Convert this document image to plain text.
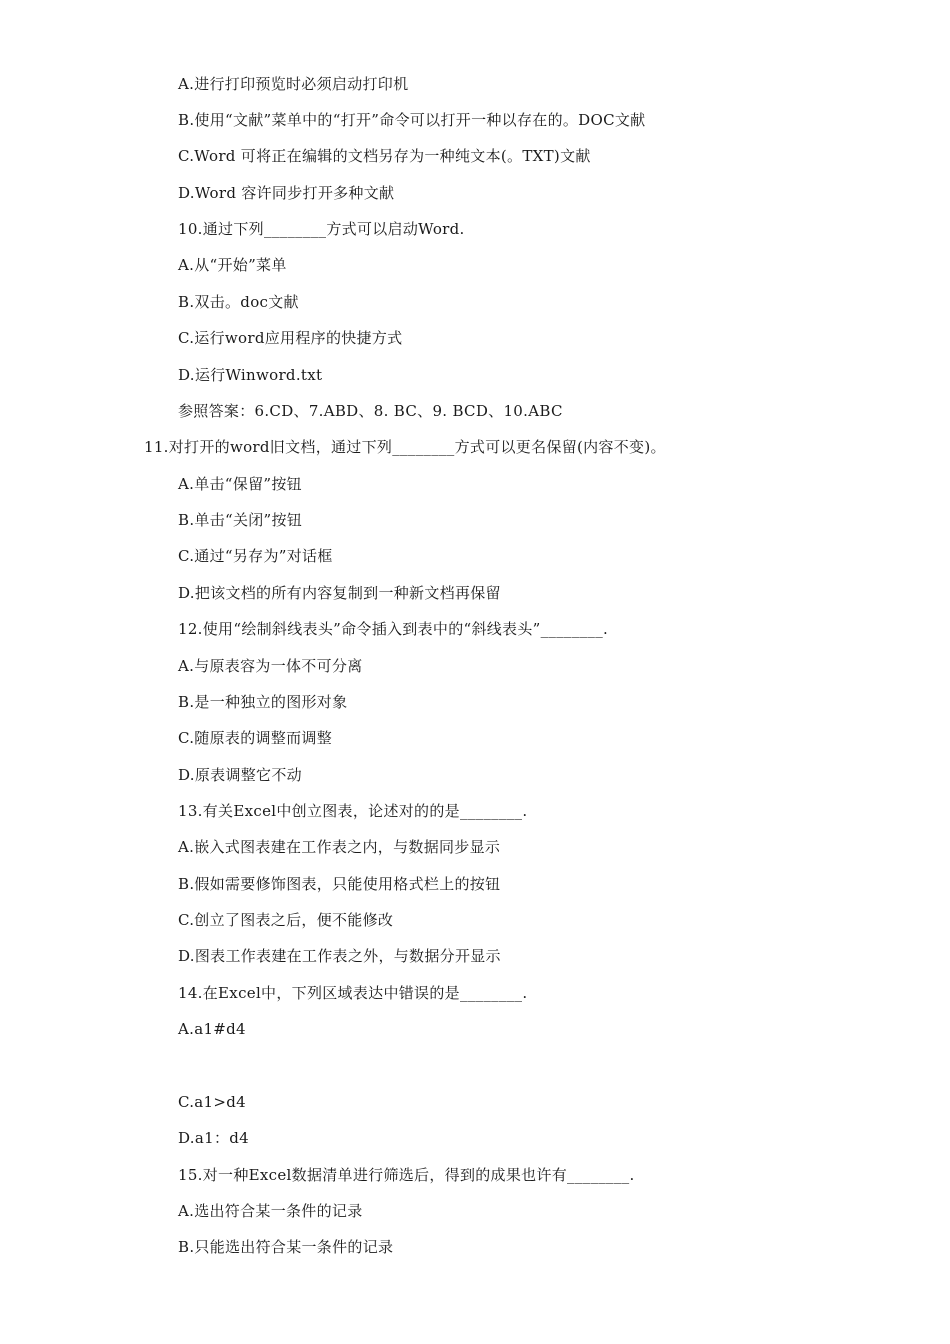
A.进行打印预览时必须启动打印机
B.使用“文献”菜单中的“打开”命令可以打开一种以存在的。DOC文献
C.Word 可将正在编辑的文档另存为一种纯文本(。TXT)文献
D.Word 容许同步打开多种文献
10.通过下列________方式可以启动Word.
A.从“开始”菜单
B.双击。doc文献
C.运行word应用程序的快捷方式
D.运行Winword.txt
参照答案：6.CD、7.ABD、8. BC、9. BCD、10.ABC
11.对打开的word旧文档，通过下列________方式可以更名保留(内容不变)。
A.单击“保留”按钮
B.单击“关闭”按钮
C.通过“另存为”对话框
D.把该文档的所有内容复制到一种新文档再保留
12.使用“绘制斜线表头”命令插入到表中的“斜线表头”________.
A.与原表容为一体不可分离
B.是一种独立的图形对象
C.随原表的调整而调整
D.原表调整它不动
13.有关Excel中创立图表，论述对的的是________.
A.嵌入式图表建在工作表之内，与数据同步显示
B.假如需要修饰图表，只能使用格式栏上的按钮
C.创立了图表之后，便不能修改
D.图表工作表建在工作表之外，与数据分开显示
14.在Excel中，下列区域表达中错误的是________.
A.a1#d4
C.a1>d4
D.a1：d4
15.对一种Excel数据清单进行筛选后，得到的成果也许有________.
A.选出符合某一条件的记录
B.只能选出符合某一条件的记录
